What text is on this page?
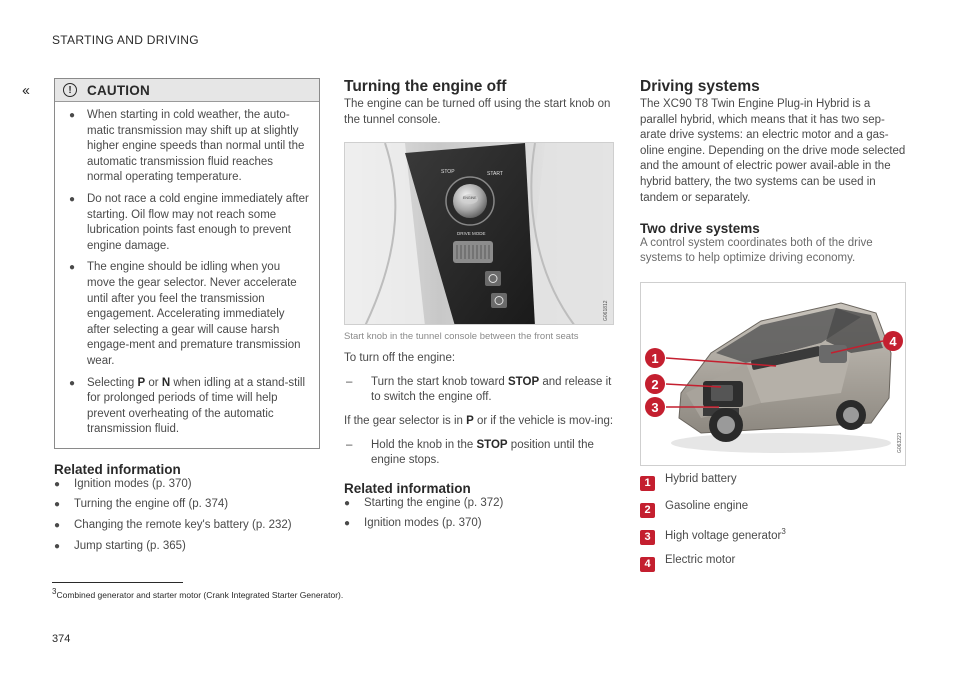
STARTING AND DRIVING
‹‹	!	CAUTION
●	When starting in cold weather, the auto-matic transmission may shift up at slightly higher engine speeds than normal until the automatic transmission fluid reaches normal operating temperature.
●	Do not race a cold engine immediately after starting. Oil flow may not reach some lubrication points fast enough to prevent engine damage.
●	The engine should be idling when you move the gear selector. Never accelerate until after you feel the transmission engagement. Accelerating immediately after selecting a gear will cause harsh engage-ment and premature transmission wear.
●	Selecting P or N when idling at a stand-still for prolonged periods of time will help prevent overheating of the automatic transmission fluid.
Related information
●	Ignition modes (p. 370)
●	Turning the engine off (p. 374)
●	Changing the remote key's battery (p. 232)
●	Jump starting (p. 365)
Turning the engine off
The engine can be turned off using the start knob on the tunnel console.
STOP	START
ENGINE
DRIVE MODE
G061812
Start knob in the tunnel console between the front seats
To turn off the engine:
–	Turn the start knob toward STOP and release it to switch the engine off.
If the gear selector is in P or if the vehicle is mov-ing:
–	Hold the knob in the STOP position until the engine stops.
Related information
●	Starting the engine (p. 372)
●	Ignition modes (p. 370)
Driving systems
The XC90 T8 Twin Engine Plug-in Hybrid is a parallel hybrid, which means that it has two sep-arate drive systems: an electric motor and a gas-oline engine. Depending on the drive mode selected and the amount of electric power avail-able in the hybrid battery, the two systems can be used in tandem or separately.
Two drive systems
A control system coordinates both of the drive systems to help optimize driving economy.
1
2
3
4
G063221
1	Hybrid battery
2	Gasoline engine
3	High voltage generator$^3$
4	Electric motor
$^3$Combined generator and starter motor (Crank Integrated Starter Generator).
374
